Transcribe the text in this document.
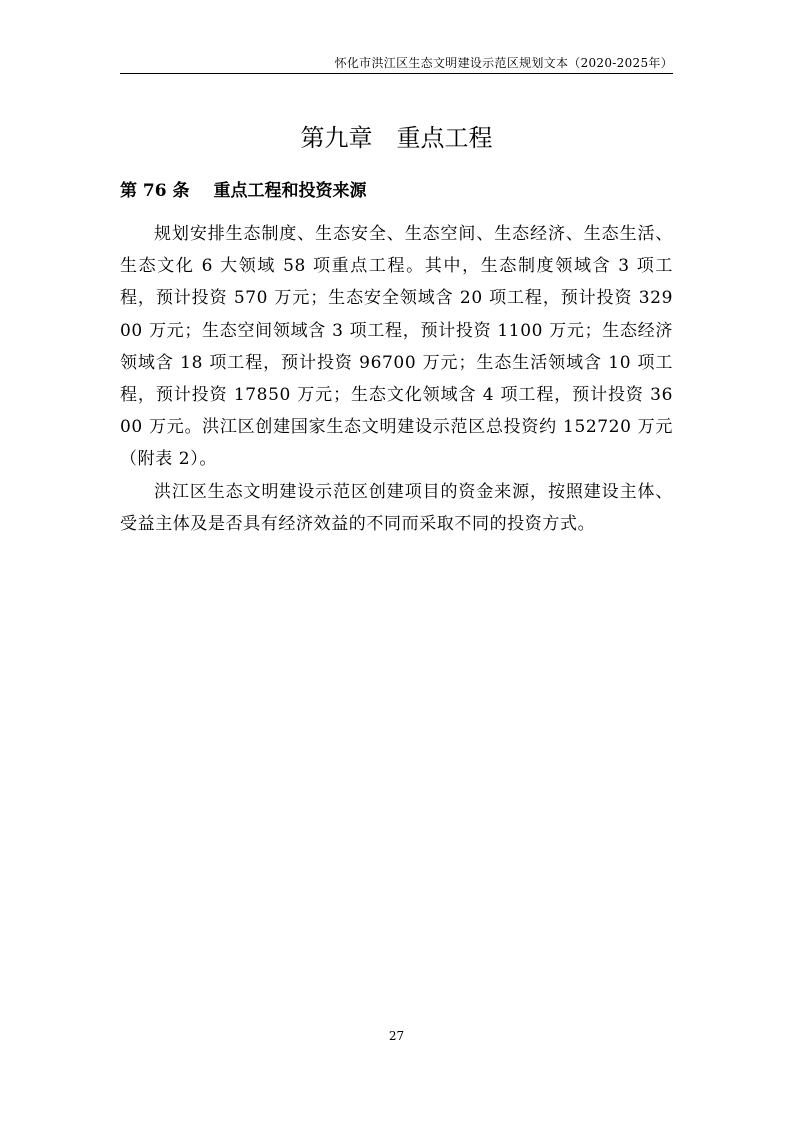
怀化市洪江区生态文明建设示范区规划文本（2020-2025年）
第九章　重点工程
第 76 条 重点工程和投资来源

规划安排生态制度、生态安全、生态空间、生态经济、生态生活、生态文化 6 大领域 58 项重点工程。其中，生态制度领域含 3 项工程，预计投资 570 万元；生态安全领域含 20 项工程，预计投资 32900 万元；生态空间领域含 3 项工程，预计投资 1100 万元；生态经济领域含 18 项工程，预计投资 96700 万元；生态生活领域含 10 项工程，预计投资 17850 万元；生态文化领域含 4 项工程，预计投资 3600 万元。洪江区创建国家生态文明建设示范区总投资约 152720 万元（附表 2）。

洪江区生态文明建设示范区创建项目的资金来源，按照建设主体、受益主体及是否具有经济效益的不同而采取不同的投资方式。

27
